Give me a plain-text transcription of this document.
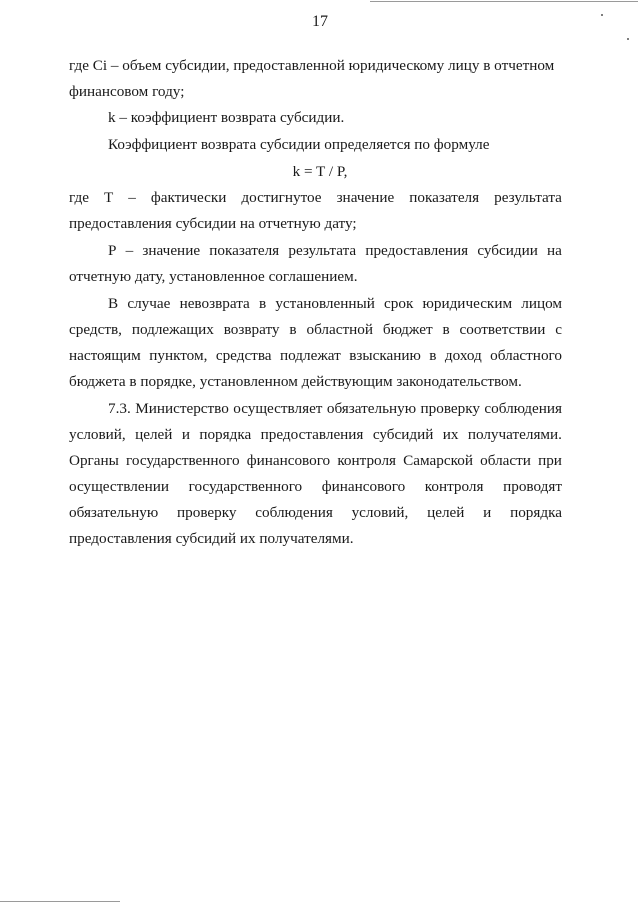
17
где Ci – объем субсидии, предоставленной юридическому лицу в отчетном
финансовом году;
k – коэффициент возврата субсидии.
Коэффициент возврата субсидии определяется по формуле
k = T / P,
где T – фактически достигнутое значение показателя результата
предоставления субсидии на отчетную дату;
P – значение показателя результата предоставления субсидии на
отчетную дату, установленное соглашением.
В случае невозврата в установленный срок юридическим лицом
средств, подлежащих возврату в областной бюджет в соответствии с
настоящим пунктом, средства подлежат взысканию в доход областного
бюджета в порядке, установленном действующим законодательством.
7.3. Министерство осуществляет обязательную проверку соблюдения
условий, целей и порядка предоставления субсидий их получателями.
Органы государственного финансового контроля Самарской области при
осуществлении государственного финансового контроля проводят
обязательную проверку соблюдения условий, целей и порядка
предоставления субсидий их получателями.
